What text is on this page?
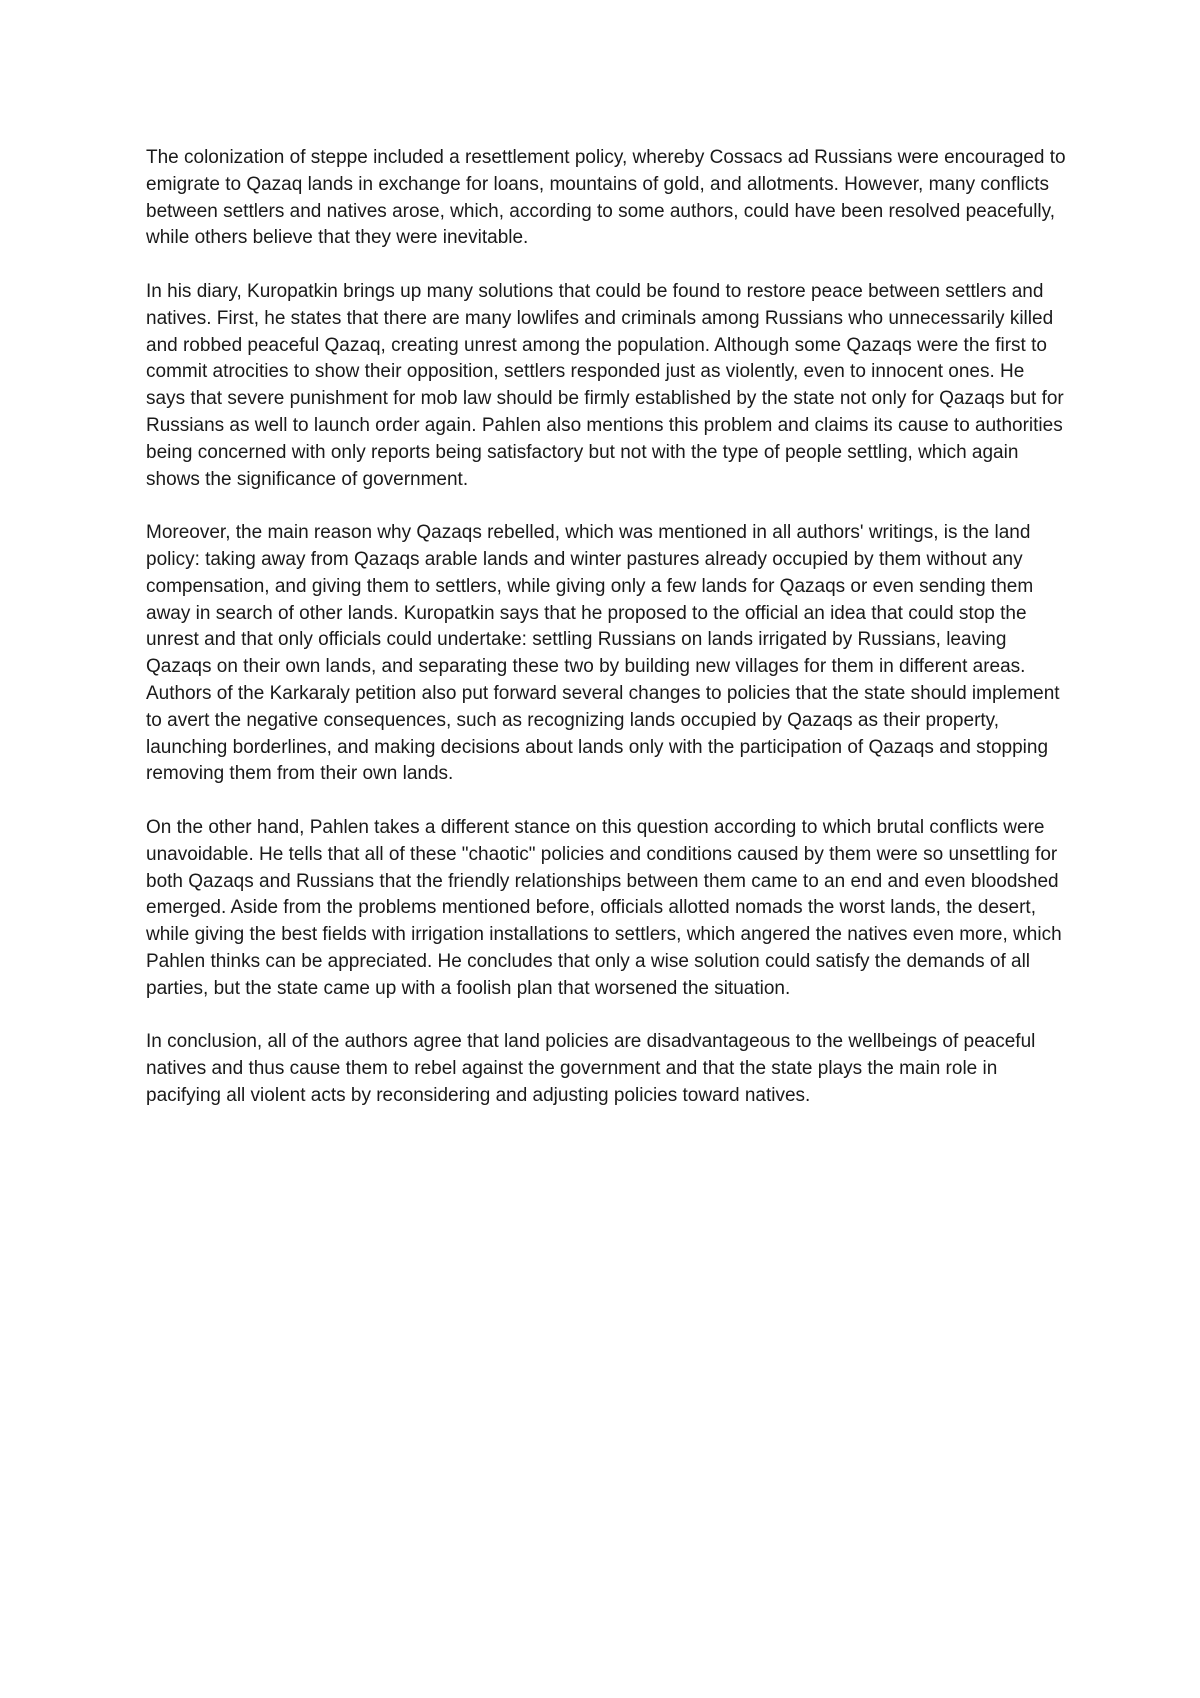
The colonization of steppe included a resettlement policy, whereby Cossacs ad Russians were encouraged to emigrate to Qazaq lands in exchange for loans, mountains of gold, and allotments. However, many conflicts between settlers and natives arose, which, according to some authors, could have been resolved peacefully, while others believe that they were inevitable.

In his diary, Kuropatkin brings up many solutions that could be found to restore peace between settlers and natives. First, he states that there are many lowlifes and criminals among Russians who unnecessarily killed and robbed peaceful Qazaq, creating unrest among the population. Although some Qazaqs were the first to commit atrocities to show their opposition, settlers responded just as violently, even to innocent ones. He says that severe punishment for mob law should be firmly established by the state not only for Qazaqs but for Russians as well to launch order again. Pahlen also mentions this problem and claims its cause to authorities being concerned with only reports being satisfactory but not with the type of people settling, which again shows the significance of government.

Moreover, the main reason why Qazaqs rebelled, which was mentioned in all authors' writings, is the land policy: taking away from Qazaqs arable lands and winter pastures already occupied by them without any compensation, and giving them to settlers, while giving only a few lands for Qazaqs or even sending them away in search of other lands. Kuropatkin says that he proposed to the official an idea that could stop the unrest and that only officials could undertake: settling Russians on lands irrigated by Russians, leaving Qazaqs on their own lands, and separating these two by building new villages for them in different areas. Authors of the Karkaraly petition also put forward several changes to policies that the state should implement to avert the negative consequences, such as recognizing lands occupied by Qazaqs as their property, launching borderlines, and making decisions about lands only with the participation of Qazaqs and stopping removing them from their own lands.

On the other hand, Pahlen takes a different stance on this question according to which brutal conflicts were unavoidable. He tells that all of these "chaotic" policies and conditions caused by them were so unsettling for both Qazaqs and Russians that the friendly relationships between them came to an end and even bloodshed emerged. Aside from the problems mentioned before, officials allotted nomads the worst lands, the desert, while giving the best fields with irrigation installations to settlers, which angered the natives even more, which Pahlen thinks can be appreciated. He concludes that only a wise solution could satisfy the demands of all parties, but the state came up with a foolish plan that worsened the situation.

In conclusion, all of the authors agree that land policies are disadvantageous to the wellbeings of peaceful natives and thus cause them to rebel against the government and that the state plays the main role in pacifying all violent acts by reconsidering and adjusting policies toward natives.
